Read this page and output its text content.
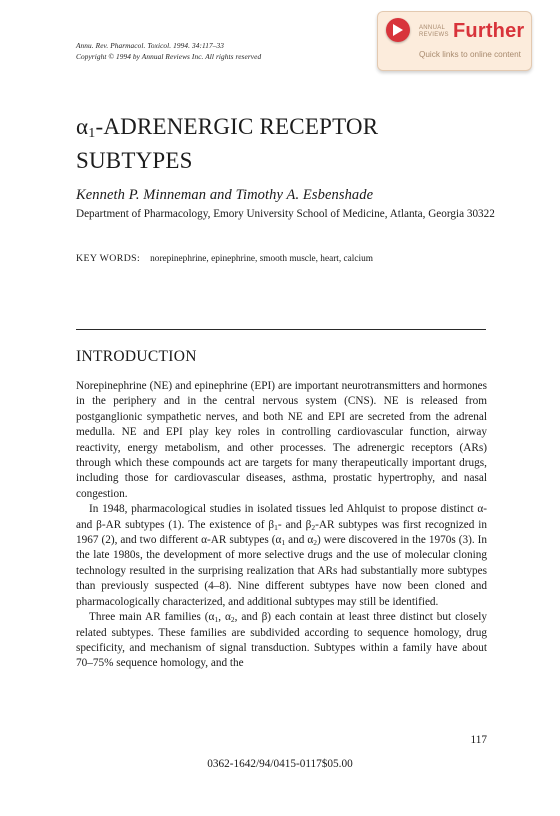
Annu. Rev. Pharmacol. Toxicol. 1994. 34:117–33
Copyright © 1994 by Annual Reviews Inc. All rights reserved
ANNUAL
REVIEWS Further
Quick links to online content
$\alpha_1$-ADRENERGIC RECEPTOR
SUBTYPES
Kenneth P. Minneman and Timothy A. Esbenshade
Department of Pharmacology, Emory University School of Medicine, Atlanta, Georgia 30322
KEY WORDS: norepinephrine, epinephrine, smooth muscle, heart, calcium
INTRODUCTION

Norepinephrine (NE) and epinephrine (EPI) are important neurotransmitters and hormones in the periphery and in the central nervous system (CNS). NE is released from postganglionic sympathetic nerves, and both NE and EPI are secreted from the adrenal medulla. NE and EPI play key roles in controlling cardiovascular function, airway reactivity, energy metabolism, and other processes. The adrenergic receptors (ARs) through which these compounds act are targets for many therapeutically important drugs, including those for cardiovascular diseases, asthma, prostatic hypertrophy, and nasal congestion.

In 1948, pharmacological studies in isolated tissues led Ahlquist to propose distinct α- and β-AR subtypes (1). The existence of $\beta_1-$ and $\beta_2-AR$ subtypes was first recognized in 1967 (2), and two different α-AR subtypes ($\alpha_1$ and $\alpha_2$) were discovered in the 1970s (3). In the late 1980s, the development of more selective drugs and the use of molecular cloning technology resulted in the surprising realization that ARs had substantially more subtypes than previously suspected (4–8). Nine different subtypes have now been cloned and pharmacologically characterized, and additional subtypes may still be identified.

Three main AR families ($\alpha_1$, $\alpha_2$, and β) each contain at least three distinct but closely related subtypes. These families are subdivided according to sequence homology, drug specificity, and mechanism of signal transduction. Subtypes within a family have about 70–75% sequence homology, and the

117
0362-1642/94/0415-0117$05.00
